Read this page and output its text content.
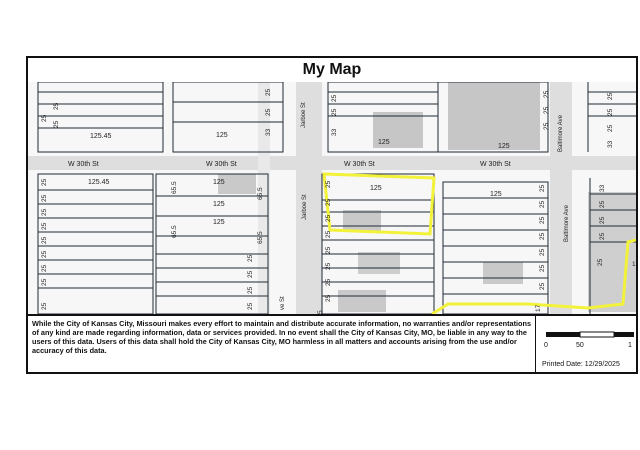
My Map
W 30th St	W 30th St	W 30th St	W 30th St
Jarboe St
Jarboe St
Baltimore Ave
Baltimore Ave
ve St
125.45	125
125
125
125.45	125
125
125
125
125
65.5	65.5
65.5	65.5
25
25
25
25
25
25
25
25
25
25
25
25
25
25
33
25
25
25
25
25
25
33
25
25
25
25
25
25
25
25
5
25
25
25
25
25
25
25
25
25
25
17
25
25
25
33
33
25
25
25
25	1
While the City of Kansas City, Missouri makes every effort to maintain and distribute accurate information, no warranties and/or representations of any kind are made regarding information, data or services provided. In no event shall the City of Kansas City, MO, be liable in any way to the users of this data. Users of this data shall hold the City of Kansas City, MO harmless in all matters and accounts arising from the use and/or accuracy of this data.
0	50	1
Printed Date: 12/29/2025
